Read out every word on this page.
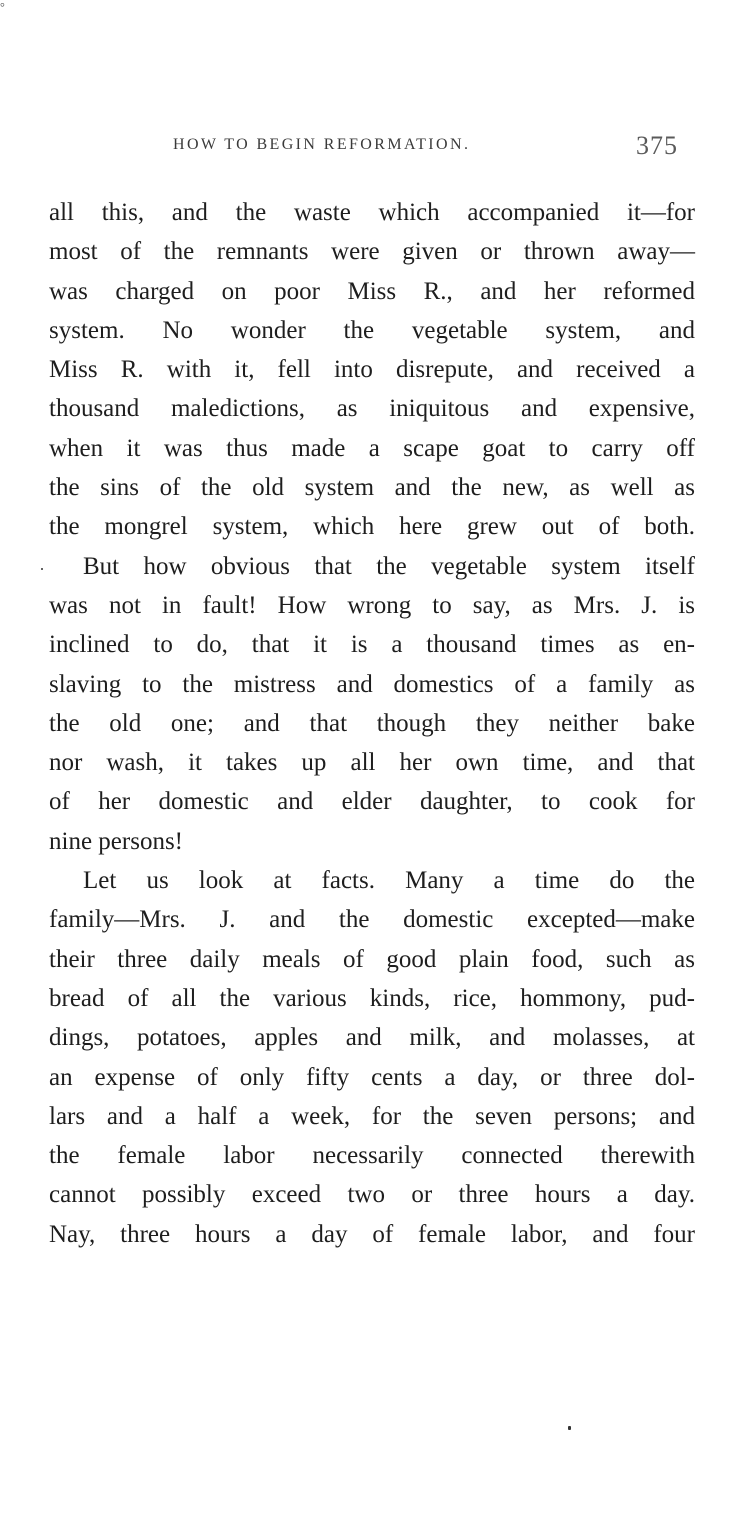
°
HOW TO BEGIN REFORMATION.	375
all this, and the waste which accompanied it—for
most of the remnants were given or thrown away—
was charged on poor Miss R., and her reformed
system. No wonder the vegetable system, and
Miss R. with it, fell into disrepute, and received a
thousand maledictions, as iniquitous and expensive,
when it was thus made a scape goat to carry off
the sins of the old system and the new, as well as
the mongrel system, which here grew out of both.
But how obvious that the vegetable system itself
was not in fault! How wrong to say, as Mrs. J. is
inclined to do, that it is a thousand times as en-
slaving to the mistress and domestics of a family as
the old one; and that though they neither bake
nor wash, it takes up all her own time, and that
of her domestic and elder daughter, to cook for
nine persons!
Let us look at facts. Many a time do the
family—Mrs. J. and the domestic excepted—make
their three daily meals of good plain food, such as
bread of all the various kinds, rice, hommony, pud-
dings, potatoes, apples and milk, and molasses, at
an expense of only fifty cents a day, or three dol-
lars and a half a week, for the seven persons; and
the female labor necessarily connected therewith
cannot possibly exceed two or three hours a day.
Nay, three hours a day of female labor, and four
